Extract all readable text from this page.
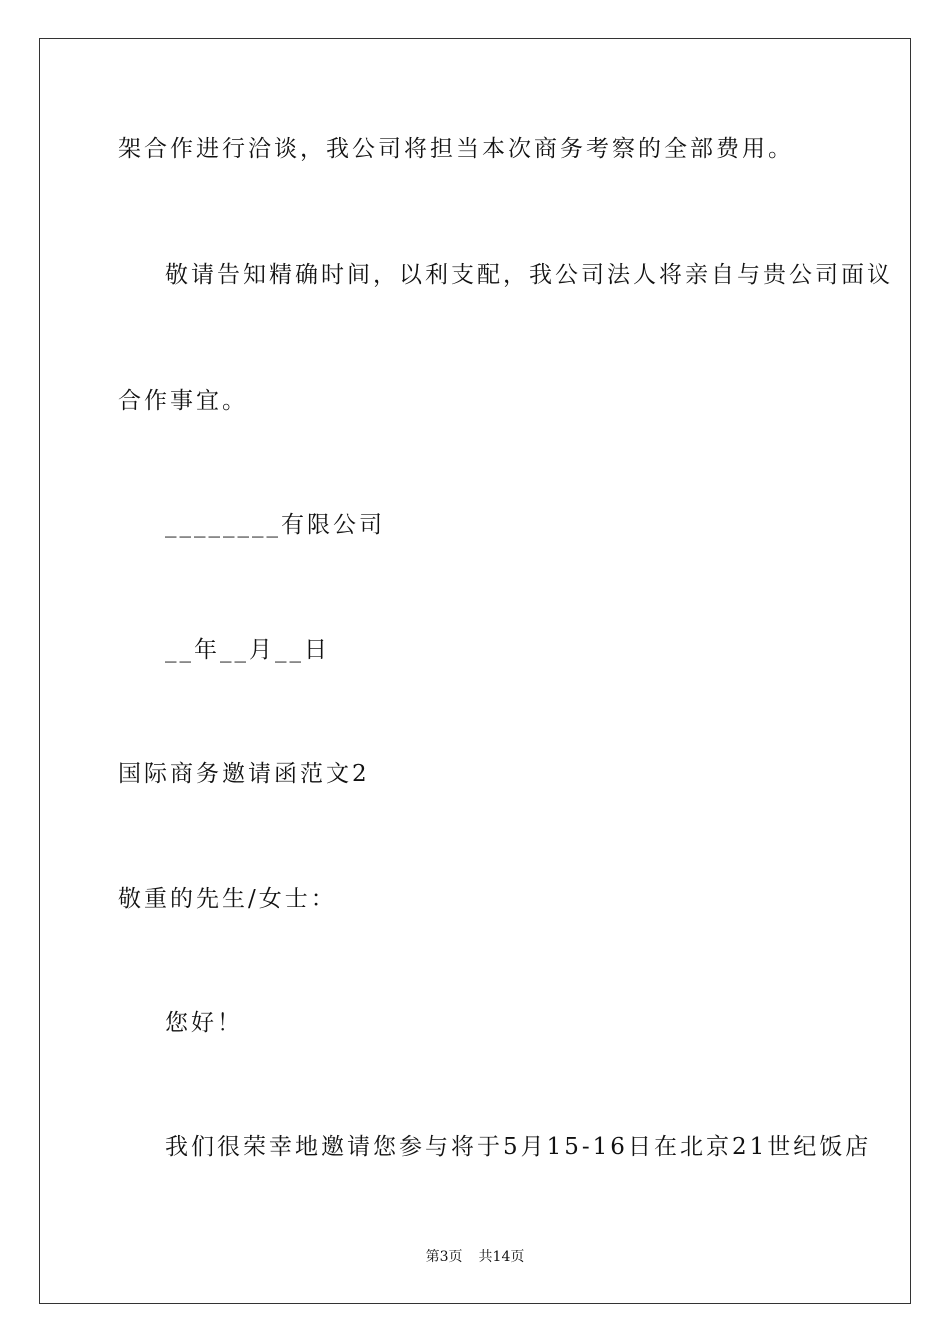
架合作进行洽谈，我公司将担当本次商务考察的全部费用。
敬请告知精确时间，以利支配，我公司法人将亲自与贵公司面议
合作事宜。
________有限公司
__年__月__日
国际商务邀请函范文2
敬重的先生/女士：
您好！
我们很荣幸地邀请您参与将于5月15-16日在北京21世纪饭店
第3页 共14页
